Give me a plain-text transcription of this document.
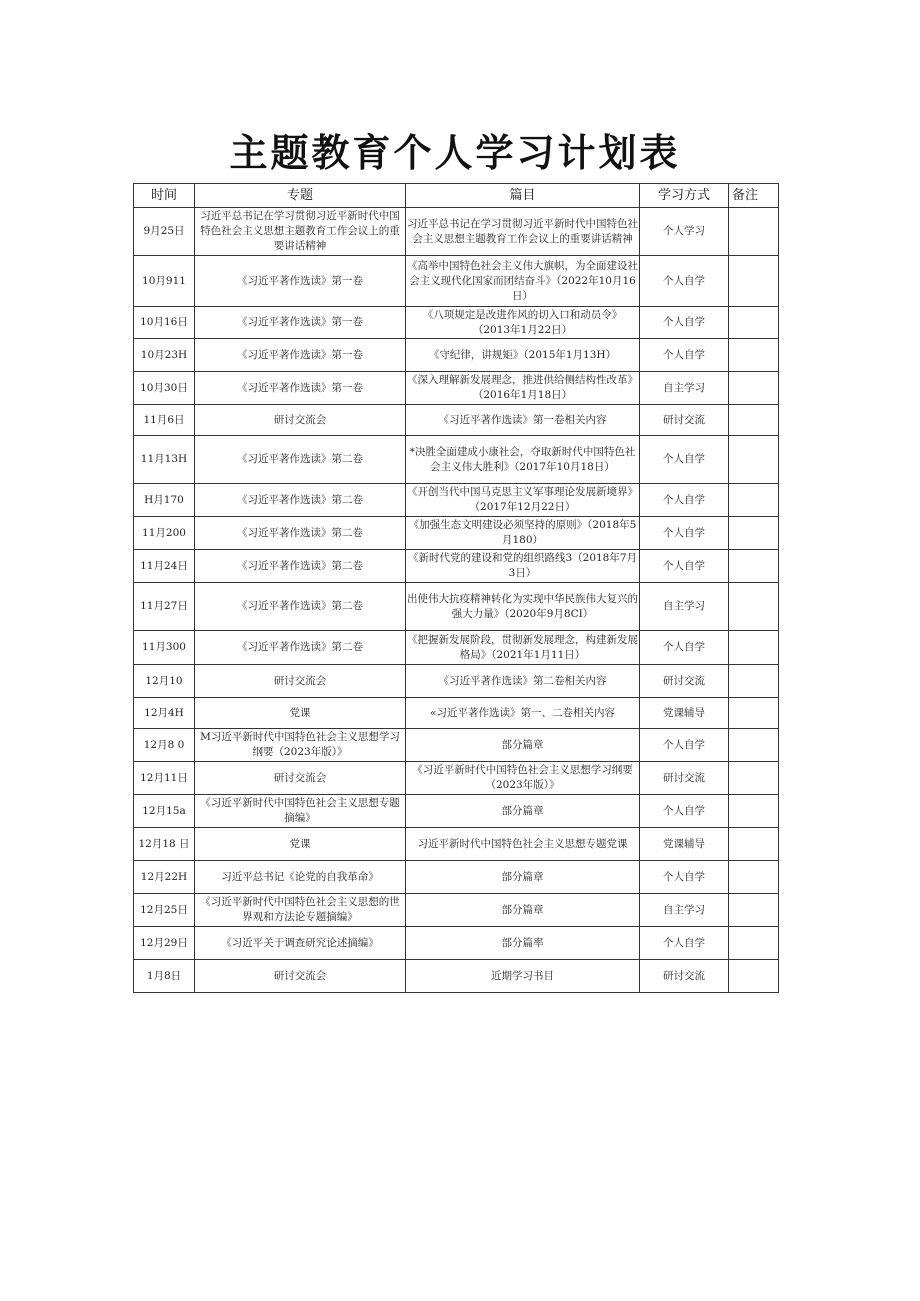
主题教育个人学习计划表
时间	专题	篇目	学习方式	备注
9月25日	习近平总书记在学习贯彻习近平新时代中国特色社会主义思想主题教育工作会议上的重要讲话精神	习近平总书记在学习贯彻习近平新时代中国特色社会主义思想主题教育工作会议上的重要讲话精神	个人学习	
10月911	《习近平著作选读》第一卷	《高举中国特色社会主义伟大旗帜，为全面建设社会主义现代化国家而团结奋斗》（2022年10月16日）	个人自学	
10月16日	《习近平著作选读》第一卷	《八项规定是改进作风的切入口和动员令》（2013年1月22日）	个人自学	
10月23H	《习近平著作选读》第一卷	《守纪律，讲规矩》（2015年1月13H）	个人自学	
10月30日	《习近平著作选读》第一卷	《深入理解新发展理念，推进供给侧结构性改革》（2016年1月18日）	自主学习	
11月6日	研讨交流会	《习近平著作选读》第一卷相关内容	研讨交流	
11月13H	《习近平著作选读》第二卷	*决胜全面建成小康社会，夺取新时代中国特色社会主义伟大胜利》（2017年10月18日）	个人自学	
H月170	《习近平著作选读》第二卷	《开创当代中国马克思主义军事理论发展新境界》（2017年12月22日）	个人自学	
11月200	《习近平著作选读》第二卷	《加强生态文明建设必须坚持的原则》（2018年5月180）	个人自学	
11月24日	《习近平著作选读》第二卷	《新时代党的建设和党的组织路线3（2018年7月3日）	个人自学	
11月27日	《习近平著作选读》第二卷	出使伟大抗疫精神转化为实现中华民族伟大复兴的强大力量》（2020年9月8CI）	自主学习	
11月300	《习近平著作选读》第二卷	《把握新发展阶段，贯彻新发展理念，构建新发展格局》（2021年1月11日）	个人自学	
12月10	研讨交流会	《习近平著作选读》第二卷相关内容	研讨交流	
12月4H	党课	«习近平著作选读》第一、二卷相关内容	党课辅导	
12月8 0	M习近平新时代中国特色社会主义思想学习纲要（2023年版）》	部分篇章	个人自学	
12月11日	研讨交流会	《习近平新时代中国特色社会主义思想学习纲要（2023年版）》	研讨交流	
12月15a	《习近平新时代中国特色社会主义思想专题摘编》	部分篇章	个人自学	
12月18 日	党课	习近平新时代中国特色社会主义思想专题党课	党课辅导	
12月22H	习近平总书记《论党的自我革命》	部分篇章	个人自学	
12月25日	《习近平新时代中国特色社会主义思想的世界观和方法论专题摘编》	部分篇章	自主学习	
12月29日	《习近平关于调查研究论述摘编》	部分篇率	个人自学	
1月8日	研讨交流会	近期学习书目	研讨交流	
